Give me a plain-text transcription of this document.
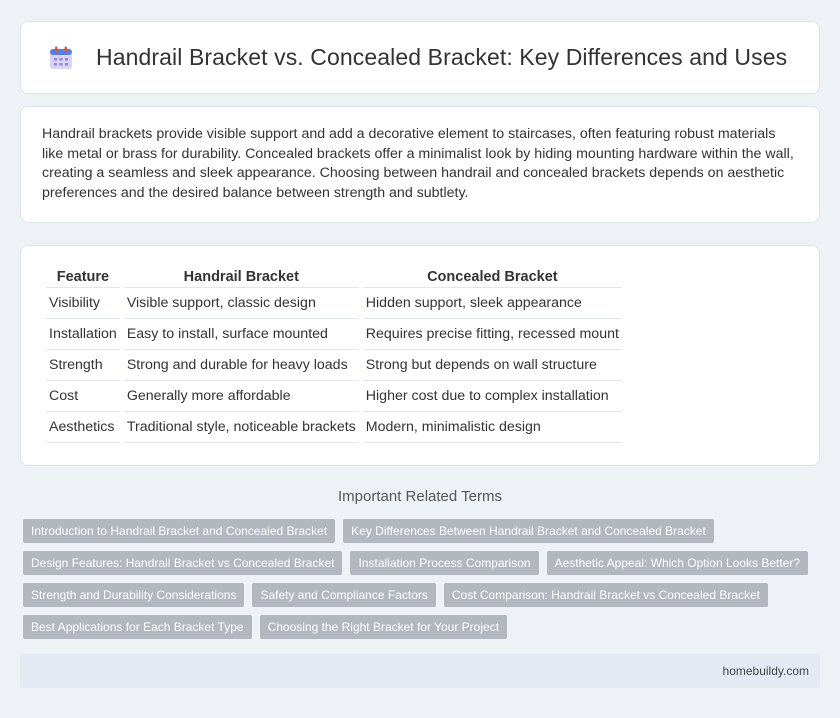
Handrail Bracket vs. Concealed Bracket: Key Differences and Uses

Handrail brackets provide visible support and add a decorative element to staircases, often featuring robust materials like metal or brass for durability. Concealed brackets offer a minimalist look by hiding mounting hardware within the wall, creating a seamless and sleek appearance. Choosing between handrail and concealed brackets depends on aesthetic preferences and the desired balance between strength and subtlety.

Feature	Handrail Bracket	Concealed Bracket
Visibility	Visible support, classic design	Hidden support, sleek appearance
Installation	Easy to install, surface mounted	Requires precise fitting, recessed mount
Strength	Strong and durable for heavy loads	Strong but depends on wall structure
Cost	Generally more affordable	Higher cost due to complex installation
Aesthetics	Traditional style, noticeable brackets	Modern, minimalistic design
Important Related Terms
Introduction to Handrail Bracket and Concealed Bracket	Key Differences Between Handrail Bracket and Concealed Bracket
Design Features: Handrail Bracket vs Concealed Bracket	Installation Process Comparison	Aesthetic Appeal: Which Option Looks Better?
Strength and Durability Considerations	Safety and Compliance Factors	Cost Comparison: Handrail Bracket vs Concealed Bracket
Best Applications for Each Bracket Type	Choosing the Right Bracket for Your Project
homebuildy.com
